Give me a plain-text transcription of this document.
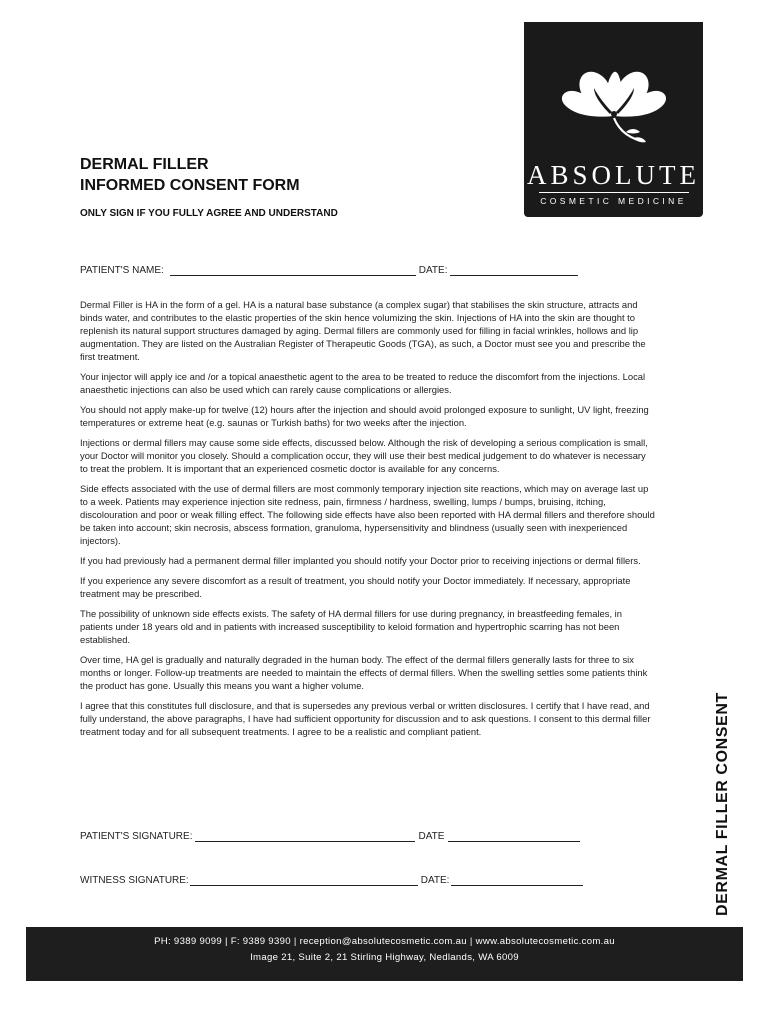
ABSOLUTE
COSMETIC MEDICINE
DERMAL FILLER
INFORMED CONSENT FORM
ONLY SIGN IF YOU FULLY AGREE AND UNDERSTAND
PATIENT'S NAME:	DATE:

Dermal Filler is HA in the form of a gel. HA is a natural base substance (a complex sugar) that stabilises the skin structure, attracts and binds water, and contributes to the elastic properties of the skin hence volumizing the skin. Injections of HA into the skin are thought to replenish its natural support structures damaged by aging. Dermal fillers are commonly used for filling in facial wrinkles, hollows and lip augmentation. They are listed on the Australian Register of Therapeutic Goods (TGA), as such, a Doctor must see you and prescribe the first treatment.

Your injector will apply ice and /or a topical anaesthetic agent to the area to be treated to reduce the discomfort from the injections. Local anaesthetic injections can also be used which can rarely cause complications or allergies.

You should not apply make-up for twelve (12) hours after the injection and should avoid prolonged exposure to sunlight, UV light, freezing temperatures or extreme heat (e.g. saunas or Turkish baths) for two weeks after the injection.

Injections or dermal fillers may cause some side effects, discussed below. Although the risk of developing a serious complication is small, your Doctor will monitor you closely. Should a complication occur, they will use their best medical judgement to do whatever is necessary to treat the problem. It is important that an experienced cosmetic doctor is available for any concerns.

Side effects associated with the use of dermal fillers are most commonly temporary injection site reactions, which may on average last up to a week. Patients may experience injection site redness, pain, firmness / hardness, swelling, lumps / bumps, bruising, itching, discolouration and poor or weak filling effect. The following side effects have also been reported with HA dermal fillers and therefore should be taken into account; skin necrosis, abscess formation, granuloma, hypersensitivity and blindness (usually seen with inexperienced injectors).

If you had previously had a permanent dermal filler implanted you should notify your Doctor prior to receiving injections or dermal fillers.

If you experience any severe discomfort as a result of treatment, you should notify your Doctor immediately. If necessary, appropriate treatment may be prescribed.

The possibility of unknown side effects exists. The safety of HA dermal fillers for use during pregnancy, in breastfeeding females, in patients under 18 years old and in patients with increased susceptibility to keloid formation and hypertrophic scarring has not been established.

Over time, HA gel is gradually and naturally degraded in the human body. The effect of the dermal fillers generally lasts for three to six months or longer. Follow-up treatments are needed to maintain the effects of dermal fillers. When the swelling settles some patients think the product has gone. Usually this means you want a higher volume.

I agree that this constitutes full disclosure, and that is supersedes any previous verbal or written disclosures. I certify that I have read, and fully understand, the above paragraphs, I have had sufficient opportunity for discussion and to ask questions. I consent to this dermal filler treatment today and for all subsequent treatments. I agree to be a realistic and compliant patient.

PATIENT'S SIGNATURE:	DATE
WITNESS SIGNATURE:	DATE:	DERMAL FILLER CONSENT
PH: 9389 9099 | F: 9389 9390 | reception@absolutecosmetic.com.au | www.absolutecosmetic.com.au
Image 21, Suite 2, 21 Stirling Highway, Nedlands, WA 6009
